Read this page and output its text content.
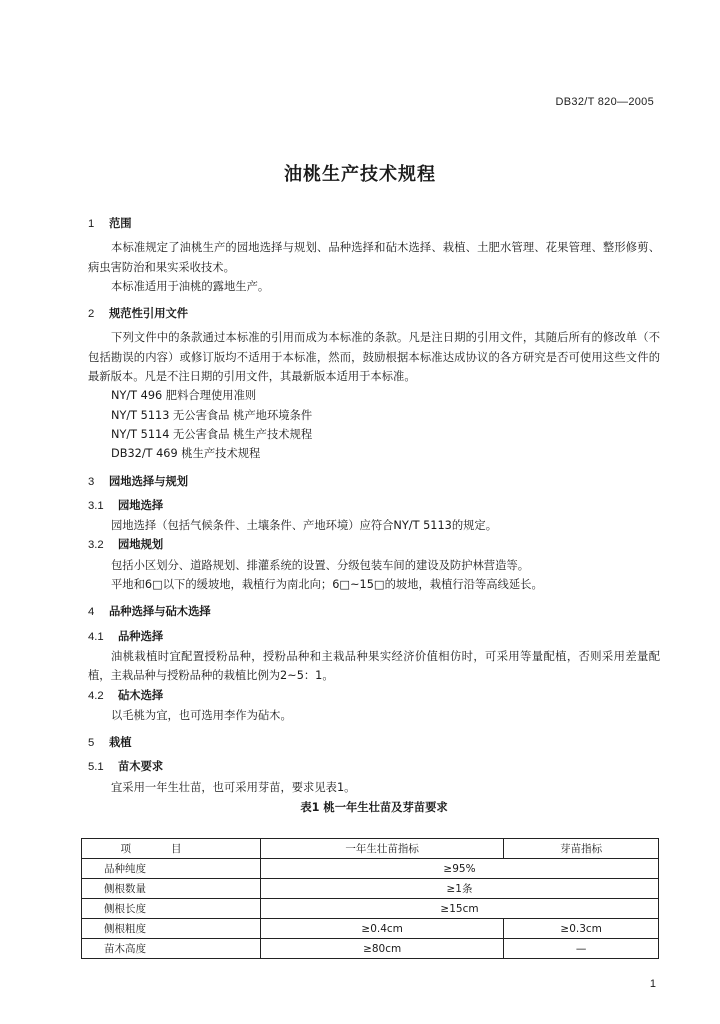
DB32/T 820—2005
油桃生产技术规程
1	范围
本标准规定了油桃生产的园地选择与规划、品种选择和砧木选择、栽植、土肥水管理、花果管理、整形修剪、病虫害防治和果实采收技术。
本标准适用于油桃的露地生产。
2	规范性引用文件
下列文件中的条款通过本标准的引用而成为本标准的条款。凡是注日期的引用文件，其随后所有的修改单（不包括勘误的内容）或修订版均不适用于本标准，然而，鼓励根据本标准达成协议的各方研究是否可使用这些文件的最新版本。凡是不注日期的引用文件，其最新版本适用于本标准。
NY/T 496 肥料合理使用准则
NY/T 5113 无公害食品 桃产地环境条件
NY/T 5114 无公害食品 桃生产技术规程
DB32/T 469 桃生产技术规程
3	园地选择与规划
3.1	园地选择
园地选择（包括气候条件、土壤条件、产地环境）应符合NY/T 5113的规定。
3.2	园地规划
包括小区划分、道路规划、排灌系统的设置、分级包装车间的建设及防护林营造等。
平地和6□以下的缓坡地，栽植行为南北向；6□~15□的坡地，栽植行沿等高线延长。
4	品种选择与砧木选择
4.1	品种选择
油桃栽植时宜配置授粉品种，授粉品种和主栽品种果实经济价值相仿时，可采用等量配植，否则采用差量配植，主栽品种与授粉品种的栽植比例为2~5：1。
4.2	砧木选择
以毛桃为宜，也可选用李作为砧木。
5	栽植
5.1	苗木要求
宜采用一年生壮苗，也可采用芽苗，要求见表1。
表1 桃一年生壮苗及芽苗要求
项目	一年生壮苗指标	芽苗指标
品种纯度	≥95%	
侧根数量	≥1条	
侧根长度	≥15cm	
侧根粗度	≥0.4cm	≥0.3cm
苗木高度	≥80cm	—
1
